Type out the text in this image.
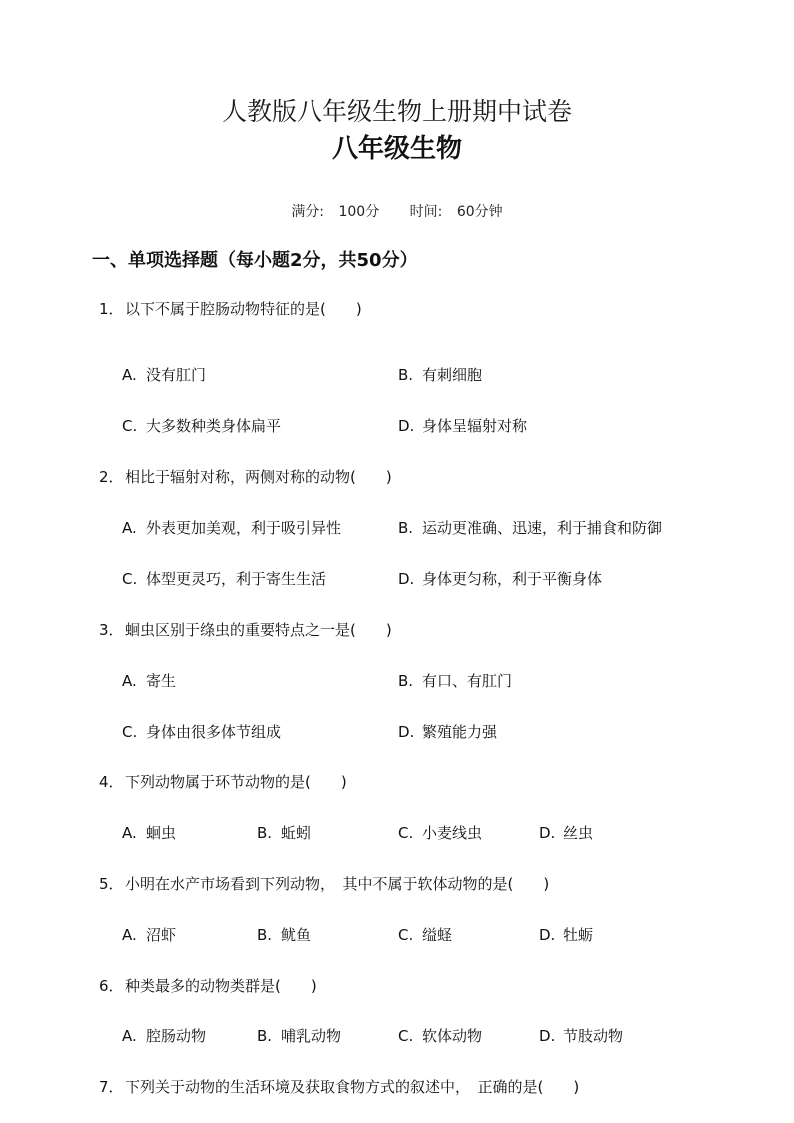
人教版八年级生物上册期中试卷
八年级生物
满分: 100分 时间: 60分钟
一、单项选择题（每小题2分，共50分）
1．以下不属于腔肠动物特征的是(　　)
A. 没有肛门	B. 有刺细胞
C. 大多数种类身体扁平	D. 身体呈辐射对称
2．相比于辐射对称，两侧对称的动物(　　)
A. 外表更加美观，利于吸引异性	B. 运动更准确、迅速，利于捕食和防御
C. 体型更灵巧，利于寄生生活	D. 身体更匀称，利于平衡身体
3．蛔虫区别于绦虫的重要特点之一是(　　)
A. 寄生	B. 有口、有肛门
C. 身体由很多体节组成	D. 繁殖能力强
4．下列动物属于环节动物的是(　　)
A. 蛔虫	B. 蚯蚓	C. 小麦线虫	D. 丝虫
5．小明在水产市场看到下列动物，　其中不属于软体动物的是(　　)
A. 沼虾	B. 鱿鱼	C. 缢蛏	D. 牡蛎
6．种类最多的动物类群是(　　)
A. 腔肠动物	B. 哺乳动物	C. 软体动物	D. 节肢动物
7．下列关于动物的生活环境及获取食物方式的叙述中，　正确的是(　　)
